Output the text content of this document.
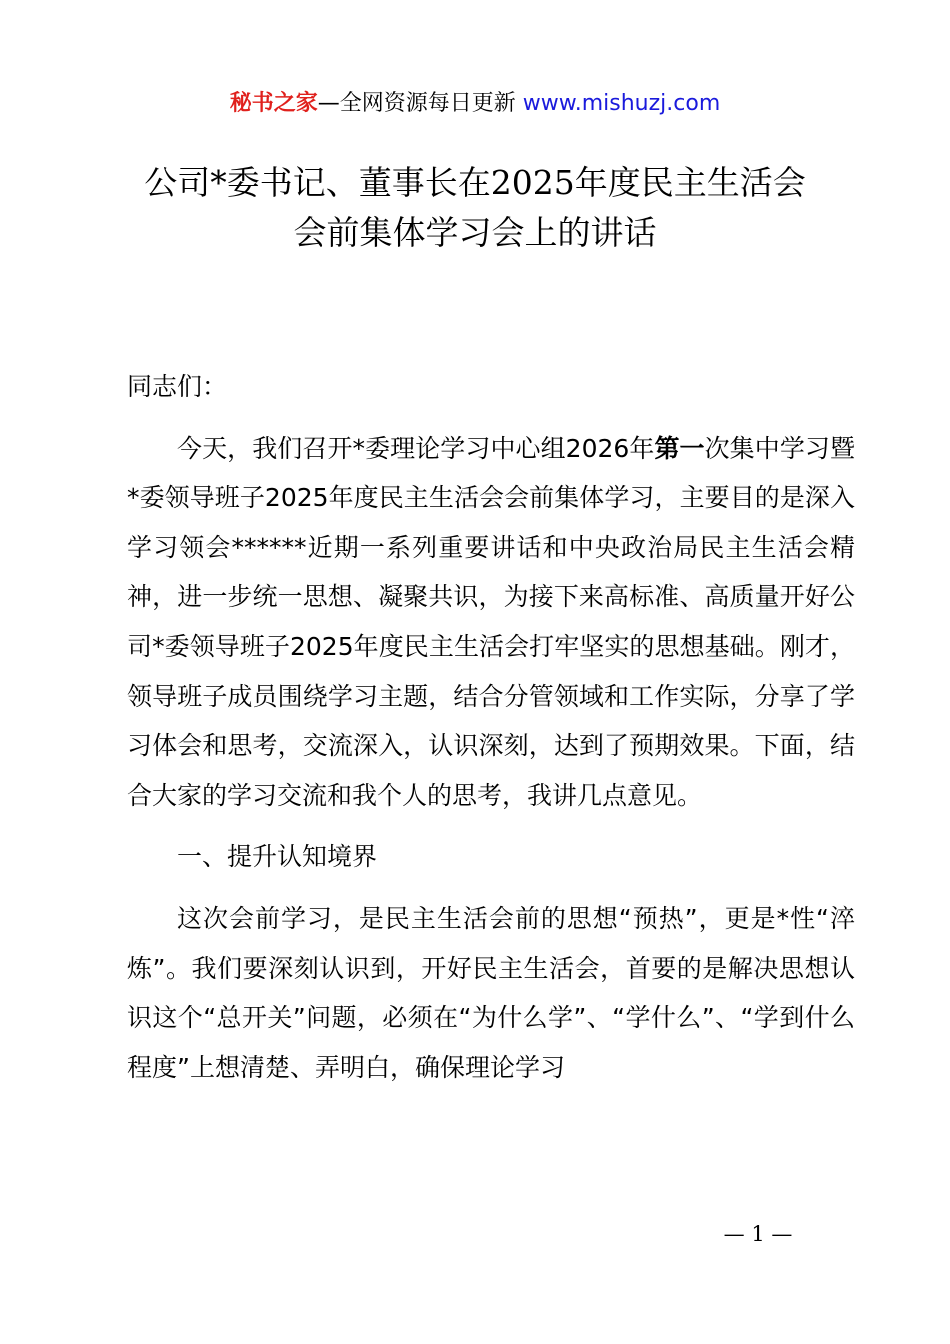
秘书之家—全网资源每日更新 www.mishuzj.com
公司*委书记、董事长在2025年度民主生活会
会前集体学习会上的讲话

同志们：

今天，我们召开*委理论学习中心组2026年第一次集中学习暨*委领导班子2025年度民主生活会会前集体学习，主要目的是深入学习领会******近期一系列重要讲话和中央政治局民主生活会精神，进一步统一思想、凝聚共识，为接下来高标准、高质量开好公司*委领导班子2025年度民主生活会打牢坚实的思想基础。刚才，领导班子成员围绕学习主题，结合分管领域和工作实际，分享了学习体会和思考，交流深入，认识深刻，达到了预期效果。下面，结合大家的学习交流和我个人的思考，我讲几点意见。

一、提升认知境界

这次会前学习，是民主生活会前的思想“预热”，更是*性“淬炼”。我们要深刻认识到，开好民主生活会，首要的是解决思想认识这个“总开关”问题，必须在“为什么学”、“学什么”、“学到什么程度”上想清楚、弄明白，确保理论学习

— 1 —
